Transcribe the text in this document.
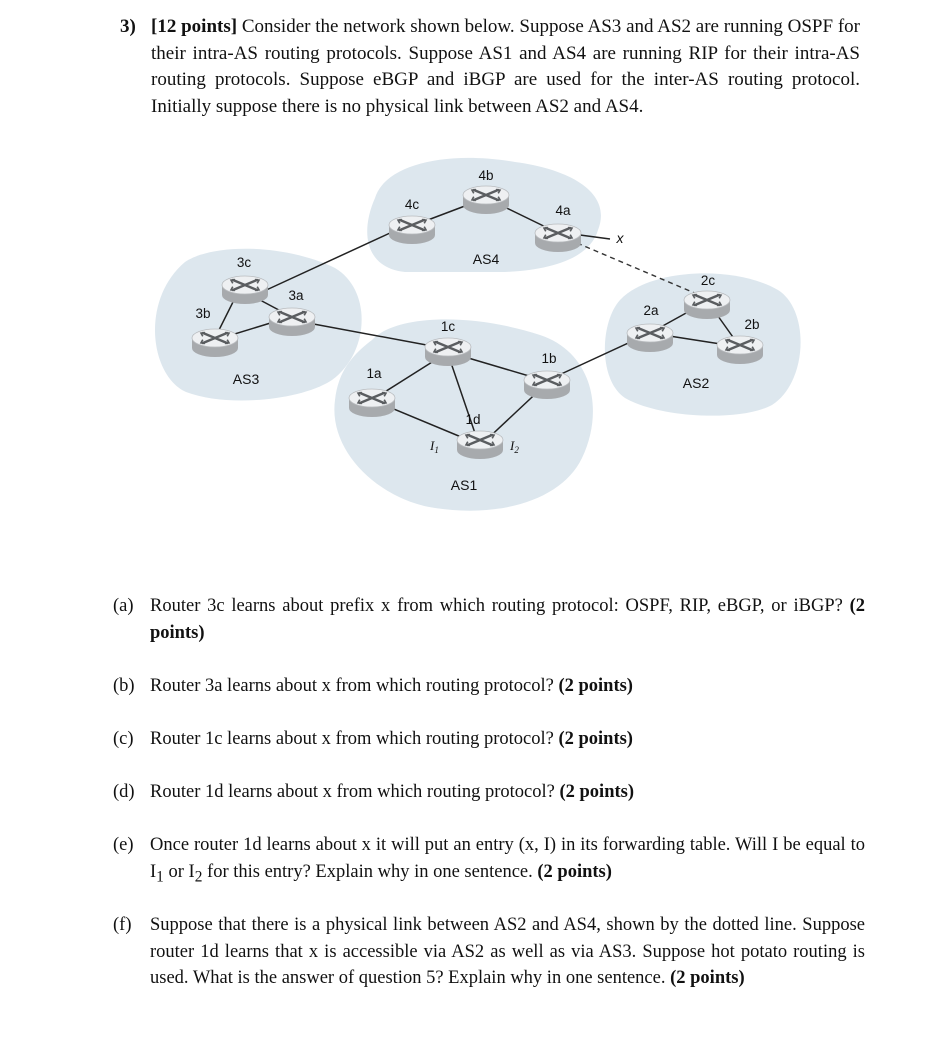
3) [12 points] Consider the network shown below. Suppose AS3 and AS2 are running OSPF for their intra-AS routing protocols. Suppose AS1 and AS4 are running RIP for their intra-AS routing protocols. Suppose eBGP and iBGP are used for the inter-AS routing protocol. Initially suppose there is no physical link between AS2 and AS4.
4b
4c	4a
3c
3b
3a
1c
1b
1a
1d
2a
2c
2b
AS4
AS3
AS1
AS2
x
$I_1$	$I_2$
(a) Router 3c learns about prefix x from which routing protocol: OSPF, RIP, eBGP, or iBGP? (2 points)
(b) Router 3a learns about x from which routing protocol? (2 points)
(c) Router 1c learns about x from which routing protocol? (2 points)
(d) Router 1d learns about x from which routing protocol? (2 points)
(e) Once router 1d learns about x it will put an entry (x, I) in its forwarding table. Will I be equal to $I_1$ or $I_2$ for this entry? Explain why in one sentence. (2 points)
(f) Suppose that there is a physical link between AS2 and AS4, shown by the dotted line. Suppose router 1d learns that x is accessible via AS2 as well as via AS3. Suppose hot potato routing is used. What is the answer of question 5? Explain why in one sentence. (2 points)
